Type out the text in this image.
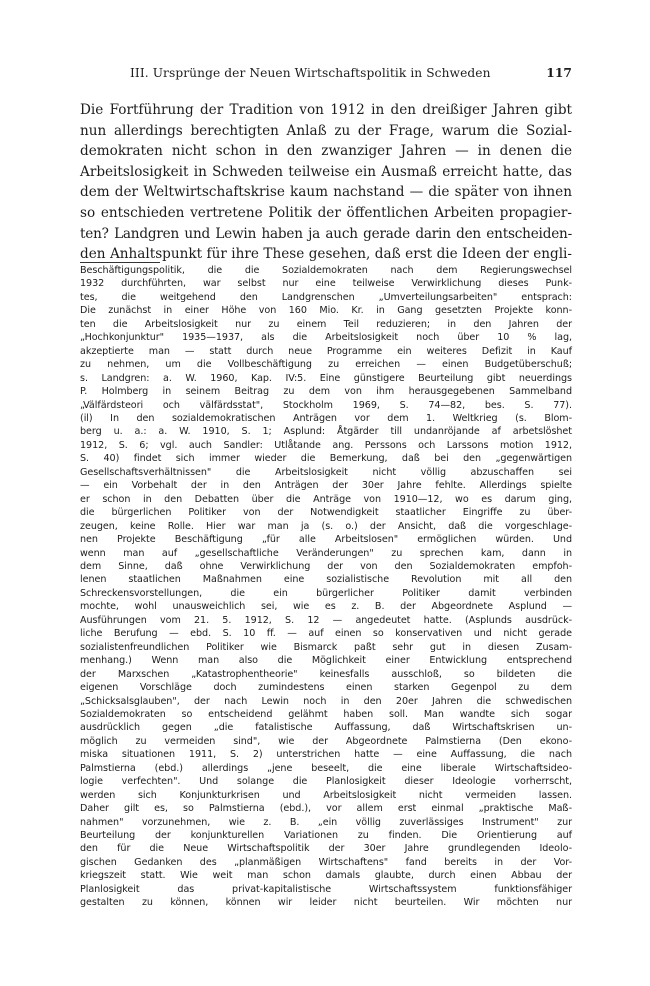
III. Ursprünge der Neuen Wirtschaftspolitik in Schweden	117
Die Fortführung der Tradition von 1912 in den dreißiger Jahren gibt
nun allerdings berechtigten Anlaß zu der Frage, warum die Sozial-
demokraten nicht schon in den zwanziger Jahren — in denen die
Arbeitslosigkeit in Schweden teilweise ein Ausmaß erreicht hatte, das
dem der Weltwirtschaftskrise kaum nachstand — die später von ihnen
so entschieden vertretene Politik der öffentlichen Arbeiten propagier-
ten? Landgren und Lewin haben ja auch gerade darin den entscheiden-
den Anhaltspunkt für ihre These gesehen, daß erst die Ideen der engli-
Beschäftigungspolitik, die die Sozialdemokraten nach dem Regierungswechsel
1932 durchführten, war selbst nur eine teilweise Verwirklichung dieses Punk-
tes, die weitgehend den Landgrenschen „Umverteilungsarbeiten" entsprach:
Die zunächst in einer Höhe von 160 Mio. Kr. in Gang gesetzten Projekte konn-
ten die Arbeitslosigkeit nur zu einem Teil reduzieren; in den Jahren der
„Hochkonjunktur" 1935—1937, als die Arbeitslosigkeit noch über 10 % lag,
akzeptierte man — statt durch neue Programme ein weiteres Defizit in Kauf
zu nehmen, um die Vollbeschäftigung zu erreichen — einen Budgetüberschuß;
s. Landgren: a. W. 1960, Kap. IV:5. Eine günstigere Beurteilung gibt neuerdings
P. Holmberg in seinem Beitrag zu dem von ihm herausgegebenen Sammelband
„Välfärdsteori och välfärdsstat", Stockholm 1969, S. 74—82, bes. S. 77).
(il) In den sozialdemokratischen Anträgen vor dem 1. Weltkrieg (s. Blom-
berg u. a.: a. W. 1910, S. 1; Asplund: Åtgärder till undanröjande af arbetslöshet
1912, S. 6; vgl. auch Sandler: Utlåtande ang. Perssons och Larssons motion 1912,
S. 40) findet sich immer wieder die Bemerkung, daß bei den „gegenwärtigen
Gesellschaftsverhältnissen" die Arbeitslosigkeit nicht völlig abzuschaffen sei
— ein Vorbehalt der in den Anträgen der 30er Jahre fehlte. Allerdings spielte
er schon in den Debatten über die Anträge von 1910—12, wo es darum ging,
die bürgerlichen Politiker von der Notwendigkeit staatlicher Eingriffe zu über-
zeugen, keine Rolle. Hier war man ja (s. o.) der Ansicht, daß die vorgeschlage-
nen Projekte Beschäftigung „für alle Arbeitslosen" ermöglichen würden. Und
wenn man auf „gesellschaftliche Veränderungen" zu sprechen kam, dann in
dem Sinne, daß ohne Verwirklichung der von den Sozialdemokraten empfoh-
lenen staatlichen Maßnahmen eine sozialistische Revolution mit all den
Schreckensvorstellungen, die ein bürgerlicher Politiker damit verbinden
mochte, wohl unausweichlich sei, wie es z. B. der Abgeordnete Asplund —
Ausführungen vom 21. 5. 1912, S. 12 — angedeutet hatte. (Asplunds ausdrück-
liche Berufung — ebd. S. 10 ff. — auf einen so konservativen und nicht gerade
sozialistenfreundlichen Politiker wie Bismarck paßt sehr gut in diesen Zusam-
menhang.) Wenn man also die Möglichkeit einer Entwicklung entsprechend
der Marxschen „Katastrophentheorie" keinesfalls ausschloß, so bildeten die
eigenen Vorschläge doch zumindestens einen starken Gegenpol zu dem
„Schicksalsglauben", der nach Lewin noch in den 20er Jahren die schwedischen
Sozialdemokraten so entscheidend gelähmt haben soll. Man wandte sich sogar
ausdrücklich gegen „die fatalistische Auffassung, daß Wirtschaftskrisen un-
möglich zu vermeiden sind", wie der Abgeordnete Palmstierna (Den ekono-
miska situationen 1911, S. 2) unterstrichen hatte — eine Auffassung, die nach
Palmstierna (ebd.) allerdings „jene beseelt, die eine liberale Wirtschaftsideo-
logie verfechten". Und solange die Planlosigkeit dieser Ideologie vorherrscht,
werden sich Konjunkturkrisen und Arbeitslosigkeit nicht vermeiden lassen.
Daher gilt es, so Palmstierna (ebd.), vor allem erst einmal „praktische Maß-
nahmen" vorzunehmen, wie z. B. „ein völlig zuverlässiges Instrument" zur
Beurteilung der konjunkturellen Variationen zu finden. Die Orientierung auf
den für die Neue Wirtschaftspolitik der 30er Jahre grundlegenden Ideolo-
gischen Gedanken des „planmäßigen Wirtschaftens" fand bereits in der Vor-
kriegszeit statt. Wie weit man schon damals glaubte, durch einen Abbau der
Planlosigkeit das privat-kapitalistische Wirtschaftssystem funktionsfähiger
gestalten zu können, können wir leider nicht beurteilen. Wir möchten nur
